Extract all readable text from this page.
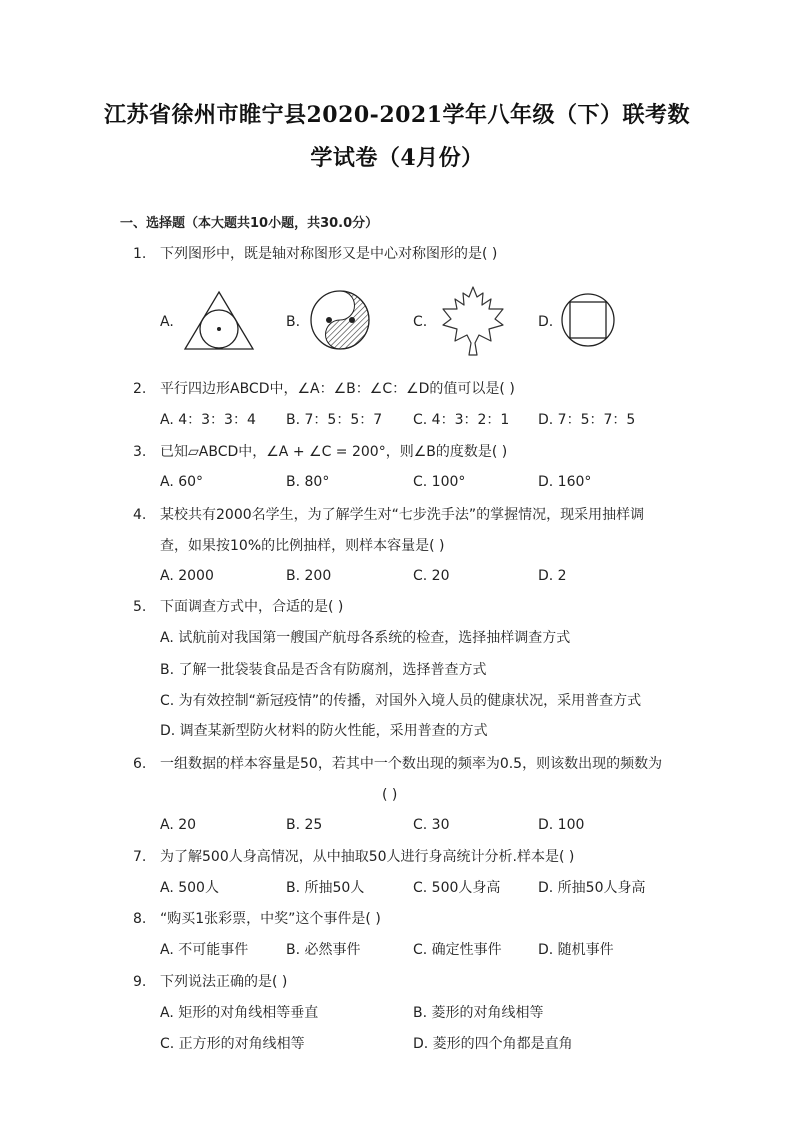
江苏省徐州市睢宁县2020-2021学年八年级（下）联考数
学试卷（4月份）
一、选择题（本大题共10小题，共30.0分）
1. 下列图形中，既是轴对称图形又是中心对称图形的是( )
A.	B.	C.	D.
2. 平行四边形ABCD中，∠A：∠B：∠C：∠D的值可以是( )
A. 4：3：3：4 B. 7：5：5：7 C. 4：3：2：1 D. 7：5：7：5
3. 已知▱ABCD中，∠A + ∠C = 200°，则∠B的度数是( )
A. 60°	B. 80°	C. 100°	D. 160°
4. 某校共有2000名学生，为了解学生对“七步洗手法”的掌握情况，现采用抽样调
查，如果按10%的比例抽样，则样本容量是( )
A. 2000	B. 200	C. 20	D. 2
5. 下面调查方式中，合适的是( )
A. 试航前对我国第一艘国产航母各系统的检查，选择抽样调查方式
B. 了解一批袋装食品是否含有防腐剂，选择普查方式
C. 为有效控制“新冠疫情”的传播，对国外入境人员的健康状况，采用普查方式
D. 调查某新型防火材料的防火性能，采用普查的方式
6. 一组数据的样本容量是50，若其中一个数出现的频率为0.5，则该数出现的频数为
( )
A. 20	B. 25	C. 30	D. 100
7. 为了解500人身高情况，从中抽取50人进行身高统计分析.样本是( )
A. 500人	B. 所抽50人	C. 500人身高	D. 所抽50人身高
8. “购买1张彩票，中奖”这个事件是( )
A. 不可能事件	B. 必然事件	C. 确定性事件	D. 随机事件
9. 下列说法正确的是( )
A. 矩形的对角线相等垂直	B. 菱形的对角线相等
C. 正方形的对角线相等	D. 菱形的四个角都是直角
